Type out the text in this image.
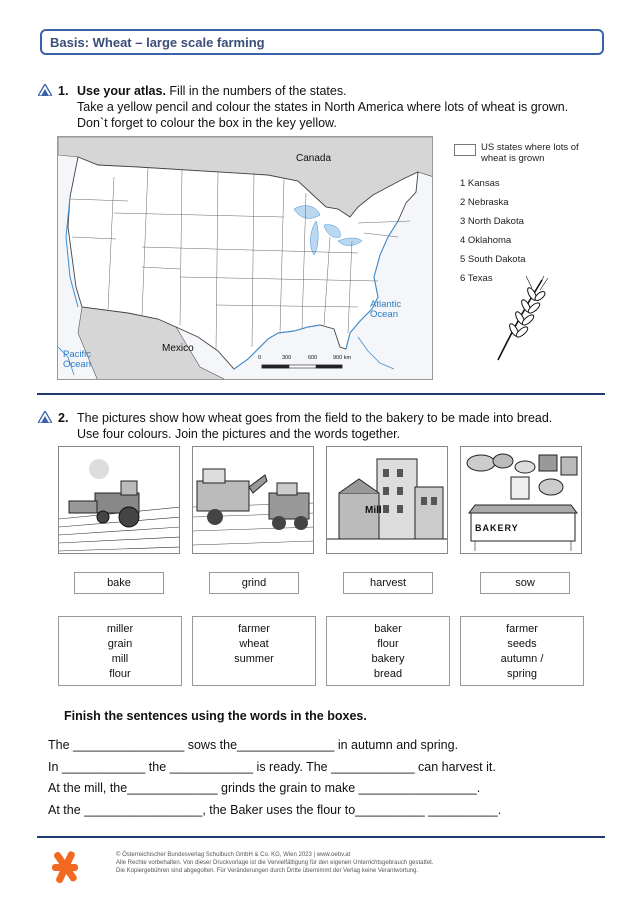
Basis: Wheat – large scale farming
1. Use your atlas. Fill in the numbers of the states.
Take a yellow pencil and colour the states in North America where lots of wheat is grown.
Don`t forget to colour the box in the key yellow.
Canada
Mexico
Atlantic
Ocean
Pacific
Ocean
0	300	600	900 km
US states where lots of
wheat is grown
1 Kansas
2 Nebraska
3 North Dakota
4 Oklahoma
5 South Dakota
6 Texas
2. The pictures show how wheat goes from the field to the bakery to be made into bread.
Use four colours. Join the pictures and the words together.
Mill
BAKERY
bake	grind	harvest	sow
miller
grain
mill
flour
farmer
wheat
summer
baker
flour
bakery
bread
farmer
seeds
autumn /
spring
Finish the sentences using the words in the boxes.
The ________________ sows the______________ in autumn and spring.
In ____________ the ____________ is ready. The ____________ can harvest it.
At the mill, the_____________ grinds the grain to make _________________.
At the _________________, the Baker uses the flour to__________ __________.
© Österreichischer Bundesverlag Schulbuch GmbH & Co. KG, Wien 2023 | www.oebv.at
Alle Rechte vorbehalten. Von dieser Druckvorlage ist die Vervielfältigung für den eigenen Unterrichtsgebrauch gestattet.
Die Kopiergebühren sind abgegolten. Für Veränderungen durch Dritte übernimmt der Verlag keine Verantwortung.
